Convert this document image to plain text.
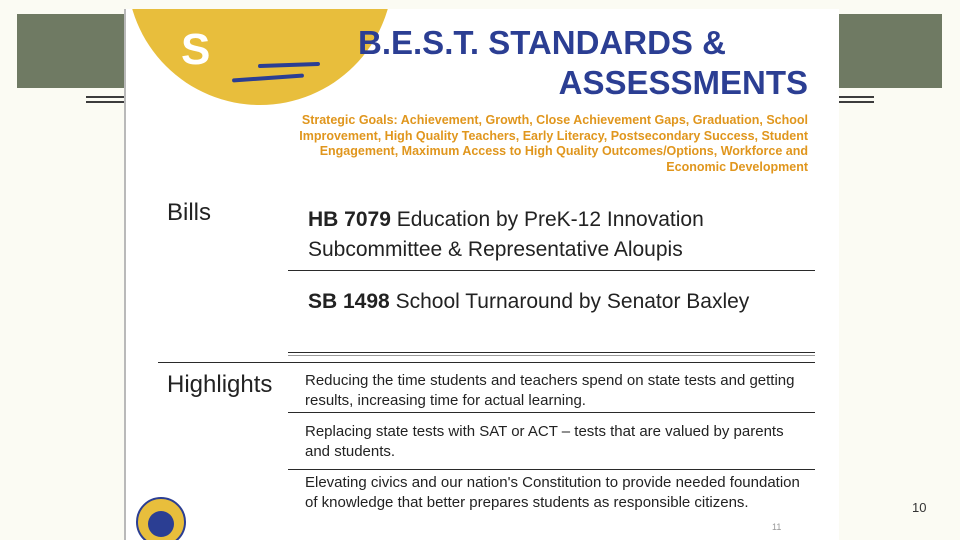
10
S	B.E.S.T. STANDARDS &
ASSESSMENTS
Strategic Goals: Achievement, Growth, Close Achievement Gaps, Graduation, School Improvement, High Quality Teachers, Early Literacy, Postsecondary Success, Student Engagement, Maximum Access to High Quality Outcomes/Options, Workforce and Economic Development
Bills	HB 7079 Education by PreK-12 Innovation Subcommittee & Representative Aloupis
SB 1498 School Turnaround by Senator Baxley
Highlights Reducing the time students and teachers spend on state tests and getting results, increasing time for actual learning.
Replacing state tests with SAT or ACT – tests that are valued by parents and students.
Elevating civics and our nation's Constitution to provide needed foundation of knowledge that better prepares students as responsible citizens.
11
